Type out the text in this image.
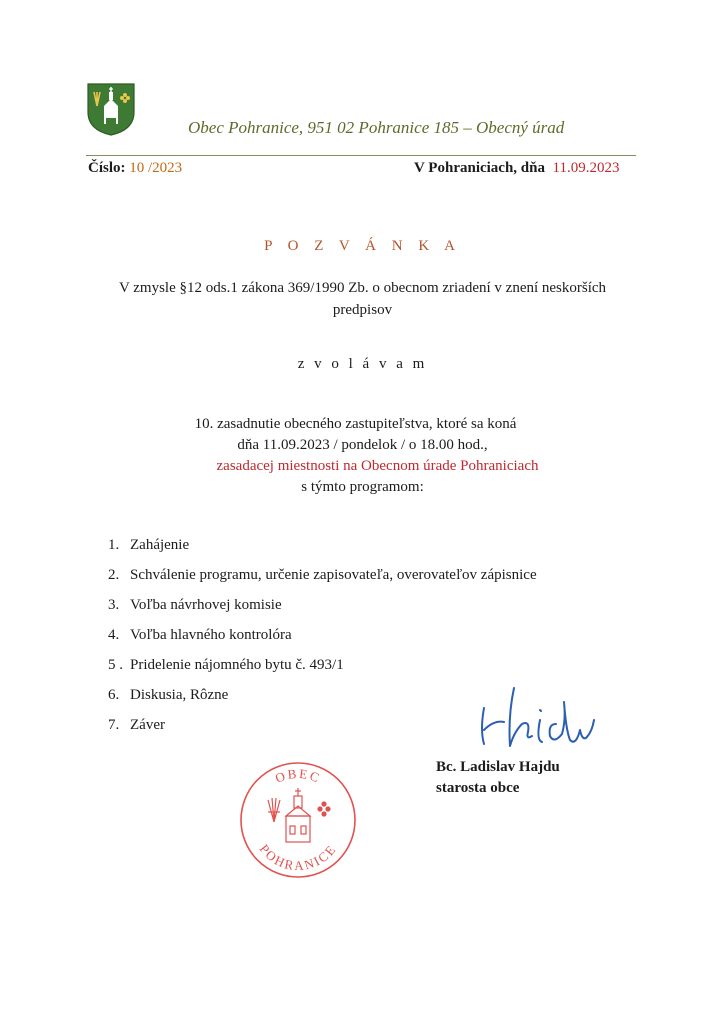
Obec Pohranice, 951 02 Pohranice 185 – Obecný úrad
Číslo: 10 /2023	V Pohraniciach, dňa 11.09.2023
P O Z V Á N K A
V zmysle §12 ods.1 zákona 369/1990 Zb. o obecnom zriadení v znení neskorších
predpisov
z v o l á v a m
10. zasadnutie obecného zastupiteľstva, ktoré sa koná
dňa 11.09.2023 / pondelok / o 18.00 hod.,
zasadacej miestnosti na Obecnom úrade Pohraniciach
s týmto programom:
1. Zahájenie
2. Schválenie programu, určenie zapisovateľa, overovateľov zápisnice
3. Voľba návrhovej komisie
4. Voľba hlavného kontrolóra
5 . Pridelenie nájomného bytu č. 493/1
6. Diskusia, Rôzne
7. Záver
Bc. Ladislav Hajdu
starosta obce
OBEC
POHRANICE
